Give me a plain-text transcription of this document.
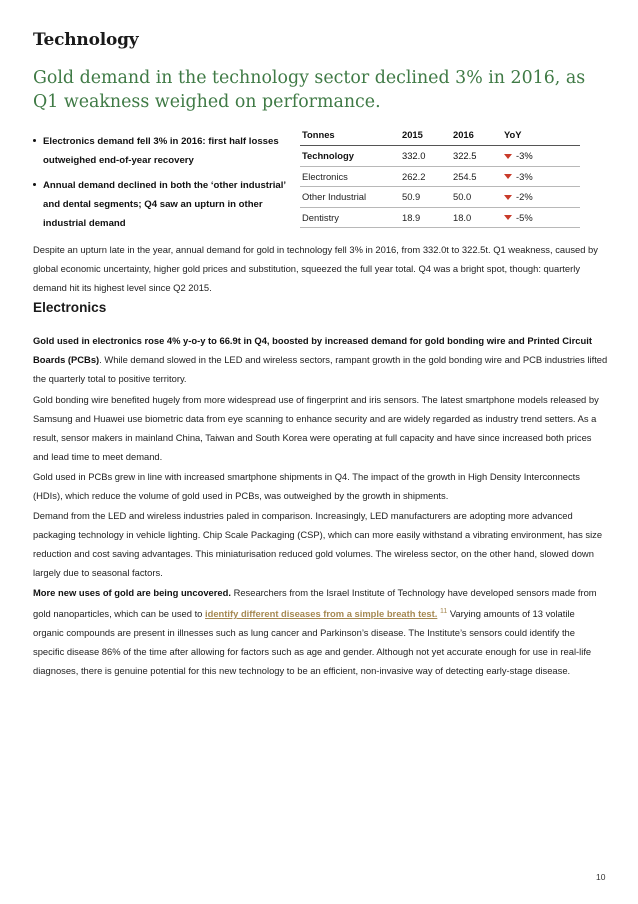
Technology
Gold demand in the technology sector declined 3% in 2016, as Q1 weakness weighed on performance.
Electronics demand fell 3% in 2016: first half losses outweighed end-of-year recovery
Annual demand declined in both the ‘other industrial’ and dental segments; Q4 saw an upturn in other industrial demand
Tonnes	2015	2016	YoY
Technology	332.0	322.5	-3%
Electronics	262.2	254.5	-3%
Other Industrial	50.9	50.0	-2%
Dentistry	18.9	18.0	-5%

Despite an upturn late in the year, annual demand for gold in technology fell 3% in 2016, from 332.0t to 322.5t. Q1 weakness, caused by global economic uncertainty, higher gold prices and substitution, squeezed the full year total. Q4 was a bright spot, though: quarterly demand hit its highest level since Q2 2015.

Electronics

Gold used in electronics rose 4% y-o-y to 66.9t in Q4, boosted by increased demand for gold bonding wire and Printed Circuit Boards (PCBs). While demand slowed in the LED and wireless sectors, rampant growth in the gold bonding wire and PCB industries lifted the quarterly total to positive territory.

Gold bonding wire benefited hugely from more widespread use of fingerprint and iris sensors. The latest smartphone models released by Samsung and Huawei use biometric data from eye scanning to enhance security and are widely regarded as industry trend setters. As a result, sensor makers in mainland China, Taiwan and South Korea were operating at full capacity and have since increased both prices and lead time to meet demand.

Gold used in PCBs grew in line with increased smartphone shipments in Q4. The impact of the growth in High Density Interconnects (HDIs), which reduce the volume of gold used in PCBs, was outweighed by the growth in shipments.

Demand from the LED and wireless industries paled in comparison. Increasingly, LED manufacturers are adopting more advanced packaging technology in vehicle lighting. Chip Scale Packaging (CSP), which can more easily withstand a vibrating environment, has size reduction and cost saving advantages. This miniaturisation reduced gold volumes. The wireless sector, on the other hand, slowed down largely due to seasonal factors.

More new uses of gold are being uncovered. Researchers from the Israel Institute of Technology have developed sensors made from gold nanoparticles, which can be used to identify different diseases from a simple breath test. $^{11}$ Varying amounts of 13 volatile organic compounds are present in illnesses such as lung cancer and Parkinson’s disease. The Institute’s sensors could identify the specific disease 86% of the time after allowing for factors such as age and gender. Although not yet accurate enough for use in real-life diagnoses, there is genuine potential for this new technology to be an efficient, non-invasive way of detecting early-stage disease.

10
